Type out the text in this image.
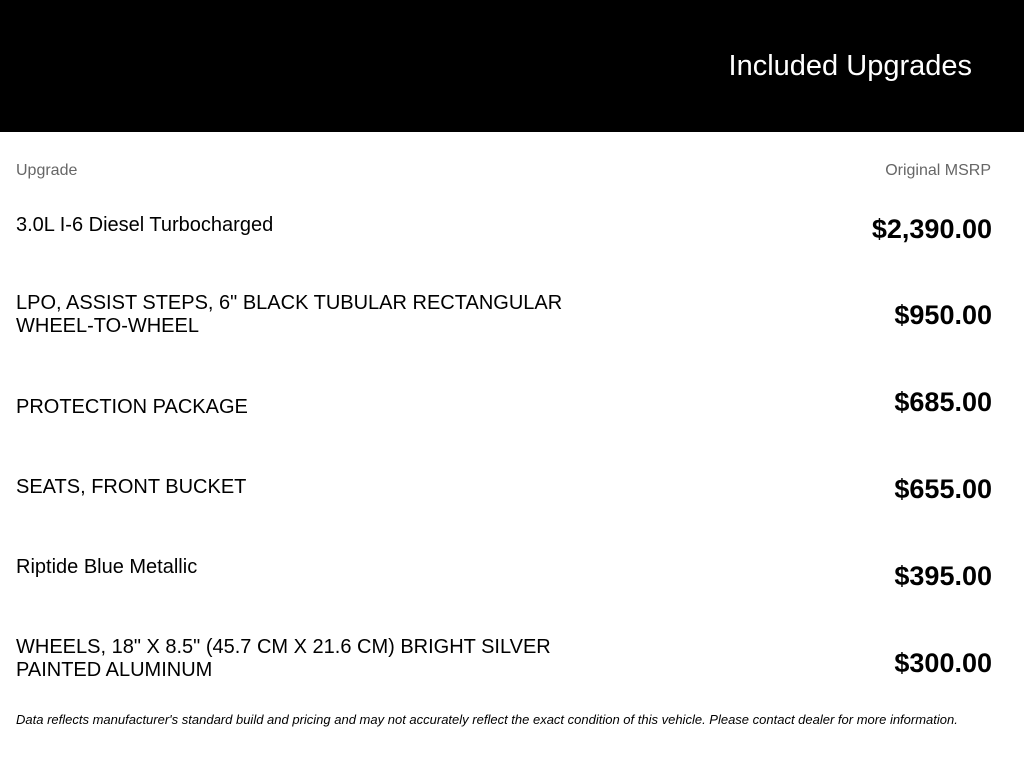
Included Upgrades
Upgrade	Original MSRP
3.0L I-6 Diesel Turbocharged	$2,390.00
LPO, ASSIST STEPS, 6" BLACK TUBULAR RECTANGULAR WHEEL-TO-WHEEL	$950.00
PROTECTION PACKAGE	$685.00
SEATS, FRONT BUCKET	$655.00
Riptide Blue Metallic	$395.00
WHEELS, 18" X 8.5" (45.7 CM X 21.6 CM) BRIGHT SILVER PAINTED ALUMINUM	$300.00
Data reflects manufacturer's standard build and pricing and may not accurately reflect the exact condition of this vehicle. Please contact dealer for more information.
